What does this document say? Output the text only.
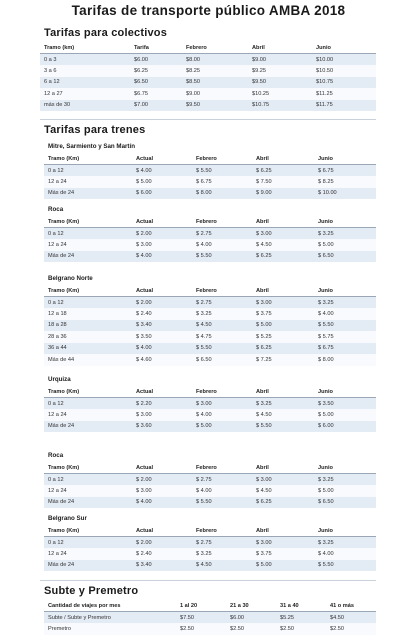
Tarifas de transporte público AMBA 2018
Tarifas para colectivos
Tramo (km)	Tarifa	Febrero	Abril	Junio
0 a 3	$6.00	$8.00	$9.00	$10.00
3 a 6	$6.25	$8.25	$9.25	$10.50
6 a 12	$6.50	$8.50	$9.50	$10.75
12 a 27	$6.75	$9.00	$10.25	$11.25
más de 30	$7.00	$9.50	$10.75	$11.75
Tarifas para trenes
Mitre, Sarmiento y San Martín
Tramo (Km)	Actual	Febrero	Abril	Junio
0 a 12	$ 4.00	$ 5.50	$ 6.25	$ 6.75
12 a 24	$ 5.00	$ 6.75	$ 7.50	$ 8.25
Más de 24	$ 6.00	$ 8.00	$ 9.00	$ 10.00
Roca
Tramo (Km)	Actual	Febrero	Abril	Junio
0 a 12	$ 2.00	$ 2.75	$ 3.00	$ 3.25
12 a 24	$ 3.00	$ 4.00	$ 4.50	$ 5.00
Más de 24	$ 4.00	$ 5.50	$ 6.25	$ 6.50
Belgrano Norte
Tramo (Km)	Actual	Febrero	Abril	Junio
0 a 12	$ 2.00	$ 2.75	$ 3.00	$ 3.25
12 a 18	$ 2.40	$ 3.25	$ 3.75	$ 4.00
18 a 28	$ 3.40	$ 4.50	$ 5.00	$ 5.50
28 a 36	$ 3.50	$ 4.75	$ 5.25	$ 5.75
36 a 44	$ 4.00	$ 5.50	$ 6.25	$ 6.75
Más de 44	$ 4.60	$ 6.50	$ 7.25	$ 8.00
Urquiza
Tramo (Km)	Actual	Febrero	Abril	Junio
0 a 12	$ 2.20	$ 3.00	$ 3.25	$ 3.50
12 a 24	$ 3.00	$ 4.00	$ 4.50	$ 5.00
Más de 24	$ 3.60	$ 5.00	$ 5.50	$ 6.00
Roca
Tramo (Km)	Actual	Febrero	Abril	Junio
0 a 12	$ 2.00	$ 2.75	$ 3.00	$ 3.25
12 a 24	$ 3.00	$ 4.00	$ 4.50	$ 5.00
Más de 24	$ 4.00	$ 5.50	$ 6.25	$ 6.50
Belgrano Sur
Tramo (Km)	Actual	Febrero	Abril	Junio
0 a 12	$ 2.00	$ 2.75	$ 3.00	$ 3.25
12 a 24	$ 2.40	$ 3.25	$ 3.75	$ 4.00
Más de 24	$ 3.40	$ 4.50	$ 5.00	$ 5.50
Subte y Premetro
Cantidad de viajes por mes	1 al 20	21 a 30	31 a 40	41 o más
Subte / Subte y Premetro	$7.50	$6.00	$5.25	$4.50
Premetro	$2.50	$2.50	$2.50	$2.50
